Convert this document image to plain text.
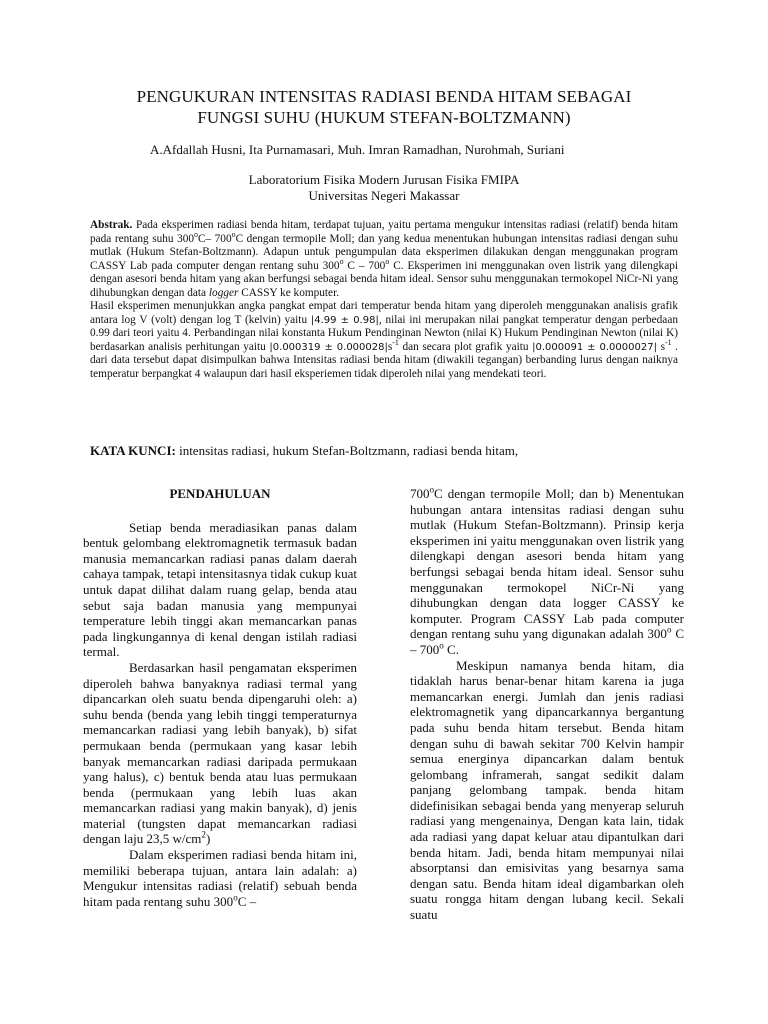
PENGUKURAN INTENSITAS RADIASI BENDA HITAM SEBAGAI
FUNGSI SUHU (HUKUM STEFAN-BOLTZMANN)
A.Afdallah Husni, Ita Purnamasari, Muh. Imran Ramadhan, Nurohmah, Suriani
Laboratorium Fisika Modern Jurusan Fisika FMIPA
Universitas Negeri Makassar

Abstrak. Pada eksperimen radiasi benda hitam, terdapat tujuan, yaitu pertama mengukur intensitas radiasi (relatif) benda hitam pada rentang suhu 300$^o$C– 700$^o$C dengan termopile Moll; dan yang kedua menentukan hubungan intensitas radiasi dengan suhu mutlak (Hukum Stefan-Boltzmann). Adapun untuk pengumpulan data eksperimen dilakukan dengan menggunakan program CASSY Lab pada computer dengan rentang suhu 300$^o$ C – 700$^o$ C. Eksperimen ini menggunakan oven listrik yang dilengkapi dengan asesori benda hitam yang akan berfungsi sebagai benda hitam ideal. Sensor suhu menggunakan termokopel NiCr-Ni yang dihubungkan dengan data logger CASSY ke komputer.

Hasil eksperimen menunjukkan angka pangkat empat dari temperatur benda hitam yang diperoleh menggunakan analisis grafik antara log V (volt) dengan log T (kelvin) yaitu |4.99 ± 0.98|, nilai ini merupakan nilai pangkat temperatur dengan perbedaan 0.99 dari teori yaitu 4. Perbandingan nilai konstanta Hukum Pendinginan Newton (nilai K) Hukum Pendinginan Newton (nilai K) berdasarkan analisis perhitungan yaitu $|0.000319 \pm 0.000028|s^{-1}$ dan secara plot grafik yaitu |0.000091 ± 0.0000027| $s^{-1}$ . dari data tersebut dapat disimpulkan bahwa Intensitas radiasi benda hitam (diwakili tegangan) berbanding lurus dengan naiknya temperatur berpangkat 4 walaupun dari hasil eksperiemen tidak diperoleh nilai yang mendekati teori.

KATA KUNCI: intensitas radiasi, hukum Stefan-Boltzmann, radiasi benda hitam,

PENDAHULUAN

Setiap benda meradiasikan panas dalam bentuk gelombang elektromagnetik termasuk badan manusia memancarkan radiasi panas dalam daerah cahaya tampak, tetapi intensitasnya tidak cukup kuat untuk dapat dilihat dalam ruang gelap, benda atau sebut saja badan manusia yang mempunyai temperature lebih tinggi akan memancarkan panas pada lingkungannya di kenal dengan istilah radiasi termal.

Berdasarkan hasil pengamatan eksperimen diperoleh bahwa banyaknya radiasi termal yang dipancarkan oleh suatu benda dipengaruhi oleh: a) suhu benda (benda yang lebih tinggi temperaturnya memancarkan radiasi yang lebih banyak), b) sifat permukaan benda (permukaan yang kasar lebih banyak memancarkan radiasi daripada permukaan yang halus), c) bentuk benda atau luas permukaan benda (permukaan yang lebih luas akan memancarkan radiasi yang makin banyak), d) jenis material (tungsten dapat memancarkan radiasi dengan laju 23,5 $w/cm^2$)

Dalam eksperimen radiasi benda hitam ini, memiliki beberapa tujuan, antara lain adalah: a) Mengukur intensitas radiasi (relatif) sebuah benda hitam pada rentang suhu 300$^o$C –

700$^o$C dengan termopile Moll; dan b) Menentukan hubungan antara intensitas radiasi dengan suhu mutlak (Hukum Stefan-Boltzmann). Prinsip kerja eksperimen ini yaitu menggunakan oven listrik yang dilengkapi dengan asesori benda hitam yang berfungsi sebagai benda hitam ideal. Sensor suhu menggunakan termokopel NiCr-Ni yang dihubungkan dengan data logger CASSY ke komputer. Program CASSY Lab pada computer dengan rentang suhu yang digunakan adalah 300$^o$ C – 700$^o$ C.

Meskipun namanya benda hitam, dia tidaklah harus benar-benar hitam karena ia juga memancarkan energi. Jumlah dan jenis radiasi elektromagnetik yang dipancarkannya bergantung pada suhu benda hitam tersebut. Benda hitam dengan suhu di bawah sekitar 700 Kelvin hampir semua energinya dipancarkan dalam bentuk gelombang inframerah, sangat sedikit dalam panjang gelombang tampak. benda hitam didefinisikan sebagai benda yang menyerap seluruh radiasi yang mengenainya, Dengan kata lain, tidak ada radiasi yang dapat keluar atau dipantulkan dari benda hitam. Jadi, benda hitam mempunyai nilai absorptansi dan emisivitas yang besarnya sama dengan satu. Benda hitam ideal digambarkan oleh suatu rongga hitam dengan lubang kecil. Sekali suatu
